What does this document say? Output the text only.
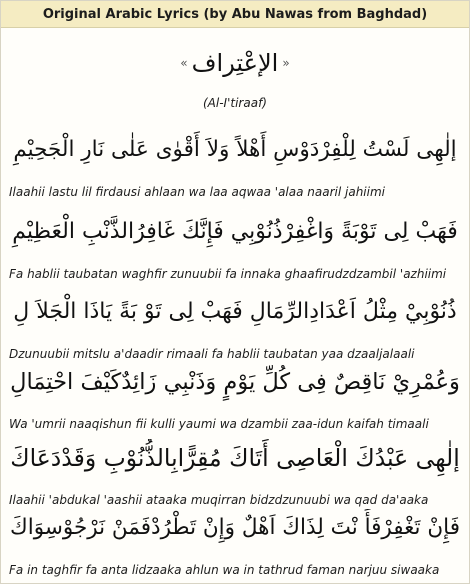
Original Arabic Lyrics (by Abu Nawas from Baghdad)
« الإعْتِراف »
(Al-I'tiraaf)
إلٰهِى لَسْتُ لِلْفِرْدَوْسِ أَهْلاً وَلاَ أَقْوٰى عَلٰى نَارِ الْجَحِيْمِ
Ilaahii lastu lil firdausi ahlaan wa laa aqwaa 'alaa naaril jahiimi
فَهَبْ لِى تَوْبَةً وَاغْفِرْذُنُوْبِي فَإِنَّكَ غَافِرُالذَّنْبِ الْعَظِيْمِ
Fa hablii taubatan waghfir zunuubii fa innaka ghaafirudzdzambil 'azhiimi
ذُنُوْبِيْ مِثْلُ اَعْدَادِالرِّمَالِ فَهَبْ لِى تَوْ بَةً يَاذَا الْجَلاَ لِ
Dzunuubii mitslu a'daadir rimaali fa hablii taubatan yaa dzaaljalaali
وَعُمْرِيْ نَاقِصٌ فِى كُلِّ يَوْمٍ وَذَنْبِي زَائِدٌكَيْفَ احْتِمَالِ
Wa 'umrii naaqishun fii kulli yaumi wa dzambii zaa-idun kaifah timaali
إلٰهِى عَبْدُكَ الْعَاصِى أَتَاكَ مُقِرًّابِالذُّنُوْبِ وَقَدْدَعَاكَ
Ilaahii 'abdukal 'aashii ataaka muqirran bidzdzunuubi wa qad da'aaka
فَإِنْ تَغْفِرْفَأَ نْتَ لِذَاكَ اَهْلٌ وَإِنْ تَطْرُدْفَمَنْ نَرْجُوْسِوَاكَ
Fa in taghfir fa anta lidzaaka ahlun wa in tathrud faman narjuu siwaaka
